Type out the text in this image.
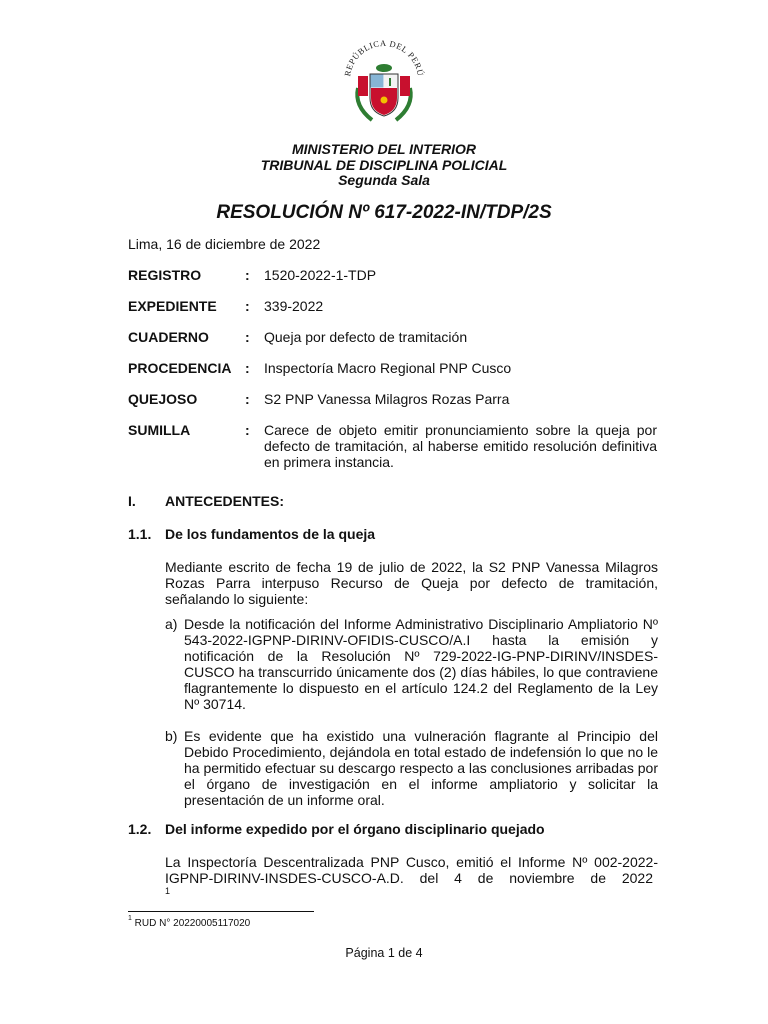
REPÚBLICA DEL PERÚ
MINISTERIO DEL INTERIOR
TRIBUNAL DE DISCIPLINA POLICIAL
Segunda Sala
RESOLUCIÓN Nº 617-2022-IN/TDP/2S
Lima, 16 de diciembre de 2022
REGISTRO	: 1520-2022-1-TDP
EXPEDIENTE : 339-2022
CUADERNO	: Queja por defecto de tramitación
PROCEDENCIA : Inspectoría Macro Regional PNP Cusco
QUEJOSO	: S2 PNP Vanessa Milagros Rozas Parra
SUMILLA	: Carece de objeto emitir pronunciamiento sobre la queja por defecto de tramitación, al haberse emitido resolución definitiva en primera instancia.
I. ANTECEDENTES:
1.1. De los fundamentos de la queja
Mediante escrito de fecha 19 de julio de 2022, la S2 PNP Vanessa Milagros Rozas Parra interpuso Recurso de Queja por defecto de tramitación, señalando lo siguiente:
a) Desde la notificación del Informe Administrativo Disciplinario Ampliatorio Nº 543-2022-IGPNP-DIRINV-OFIDIS-CUSCO/A.I hasta la emisión y notificación de la Resolución Nº 729-2022-IG-PNP-DIRINV/INSDES-CUSCO ha transcurrido únicamente dos (2) días hábiles, lo que contraviene flagrantemente lo dispuesto en el artículo 124.2 del Reglamento de la Ley Nº 30714.
b) Es evidente que ha existido una vulneración flagrante al Principio del Debido Procedimiento, dejándola en total estado de indefensión lo que no le ha permitido efectuar su descargo respecto a las conclusiones arribadas por el órgano de investigación en el informe ampliatorio y solicitar la presentación de un informe oral.
1.2. Del informe expedido por el órgano disciplinario quejado
La Inspectoría Descentralizada PNP Cusco, emitió el Informe Nº 002-2022-
IGPNP-DIRINV-INSDES-CUSCO-A.D. del 4 de noviembre de 2022$^1$
$^1$ RUD N° 20220005117020
Página 1 de 4
